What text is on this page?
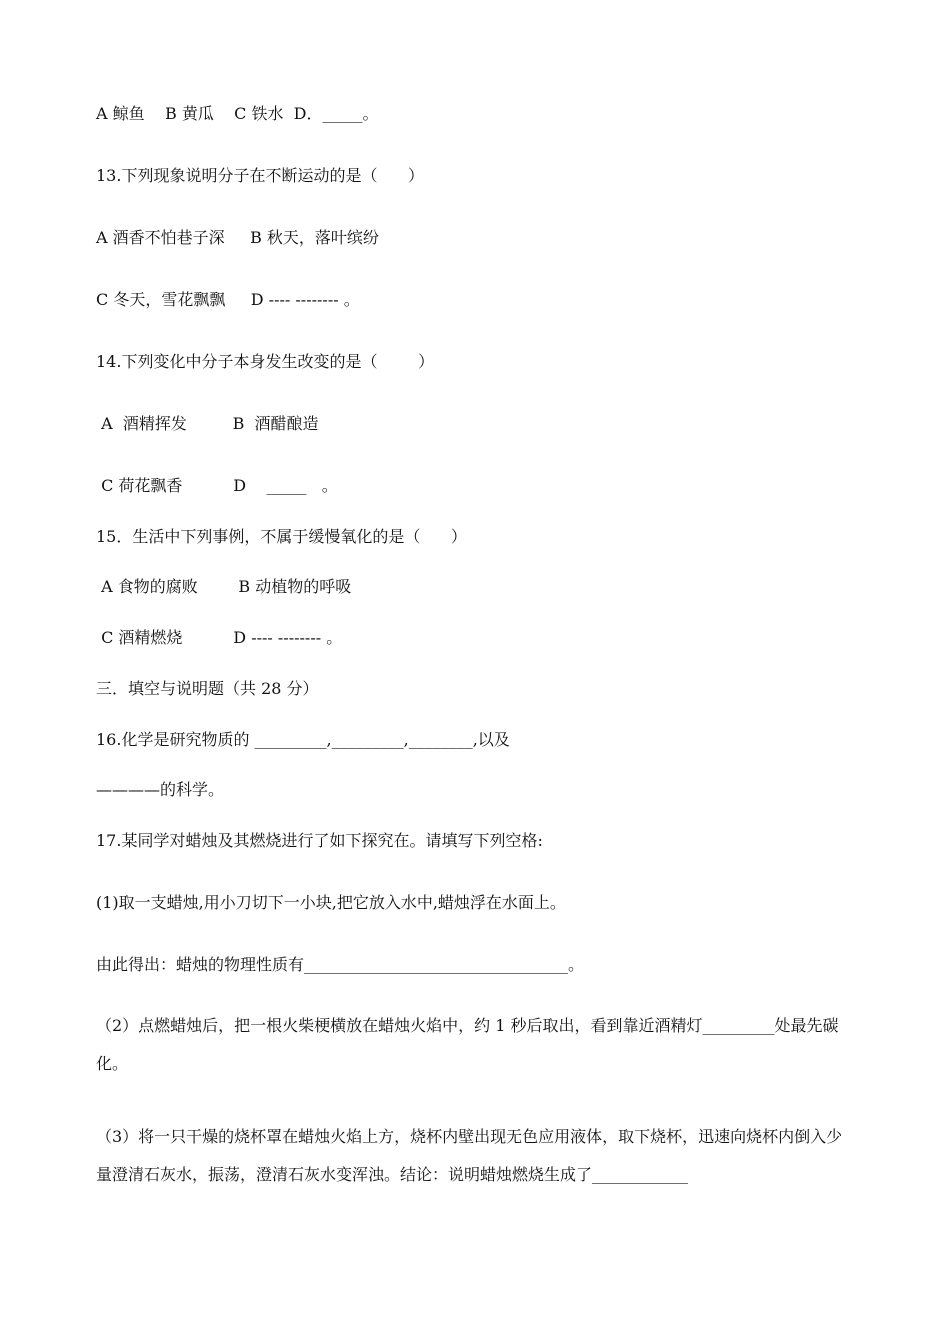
A 鲸鱼    B 黄瓜    C 铁水  D．_____。
13.下列现象说明分子在不断运动的是（      ）
A 酒香不怕巷子深     B 秋天，落叶缤纷
C 冬天，雪花飘飘     D ---- -------- 。
14.下列变化中分子本身发生改变的是（        ）
A  酒精挥发         B  酒醋酿造
C 荷花飘香          D    _____   。
15．生活中下列事例，不属于缓慢氧化的是（      ）
A 食物的腐败        B 动植物的呼吸
C 酒精燃烧          D ---- -------- 。
三．填空与说明题（共 28 分）
16.化学是研究物质的 _________,_________,________,以及
————的科学。
17.某同学对蜡烛及其燃烧进行了如下探究在。请填写下列空格:
(1)取一支蜡烛,用小刀切下一小块,把它放入水中,蜡烛浮在水面上。
由此得出：蜡烛的物理性质有_________________________________。
（2）点燃蜡烛后，把一根火柴梗横放在蜡烛火焰中，约 1 秒后取出，看到靠近酒精灯_________处最先碳化。
（3）将一只干燥的烧杯罩在蜡烛火焰上方，烧杯内壁出现无色应用液体，取下烧杯，迅速向烧杯内倒入少量澄清石灰水，振荡，澄清石灰水变浑浊。结论：说明蜡烛燃烧生成了____________
